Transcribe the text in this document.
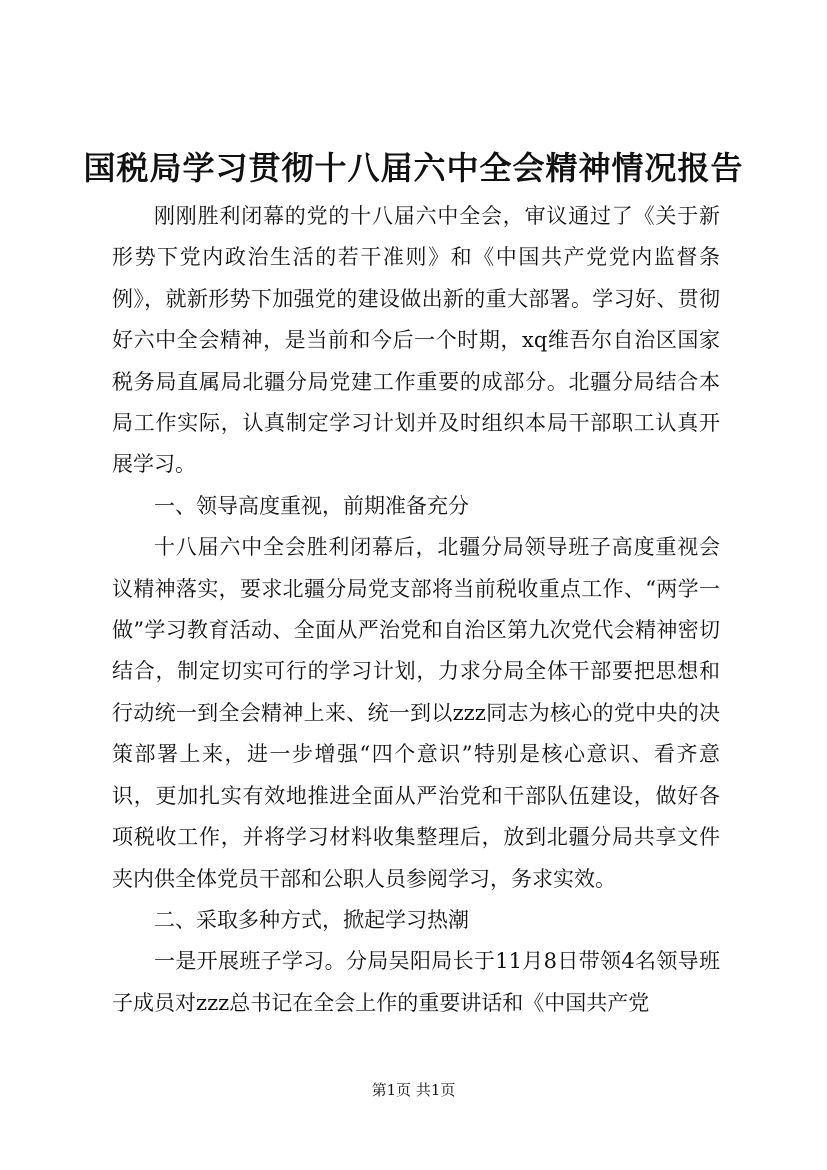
国税局学习贯彻十八届六中全会精神情况报告

刚刚胜利闭幕的党的十八届六中全会，审议通过了《关于新形势下党内政治生活的若干准则》和《中国共产党党内监督条例》，就新形势下加强党的建设做出新的重大部署。学习好、贯彻好六中全会精神，是当前和今后一个时期，xq维吾尔自治区国家税务局直属局北疆分局党建工作重要的成部分。北疆分局结合本局工作实际，认真制定学习计划并及时组织本局干部职工认真开展学习。

一、领导高度重视，前期准备充分

十八届六中全会胜利闭幕后，北疆分局领导班子高度重视会议精神落实，要求北疆分局党支部将当前税收重点工作、“两学一做”学习教育活动、全面从严治党和自治区第九次党代会精神密切结合，制定切实可行的学习计划，力求分局全体干部要把思想和行动统一到全会精神上来、统一到以zzz同志为核心的党中央的决策部署上来，进一步增强“四个意识”特别是核心意识、看齐意识，更加扎实有效地推进全面从严治党和干部队伍建设，做好各项税收工作，并将学习材料收集整理后，放到北疆分局共享文件夹内供全体党员干部和公职人员参阅学习，务求实效。

二、采取多种方式，掀起学习热潮

一是开展班子学习。分局吴阳局长于11月8日带领4名领导班子成员对zzz总书记在全会上作的重要讲话和《中国共产党

第1页 共1页
